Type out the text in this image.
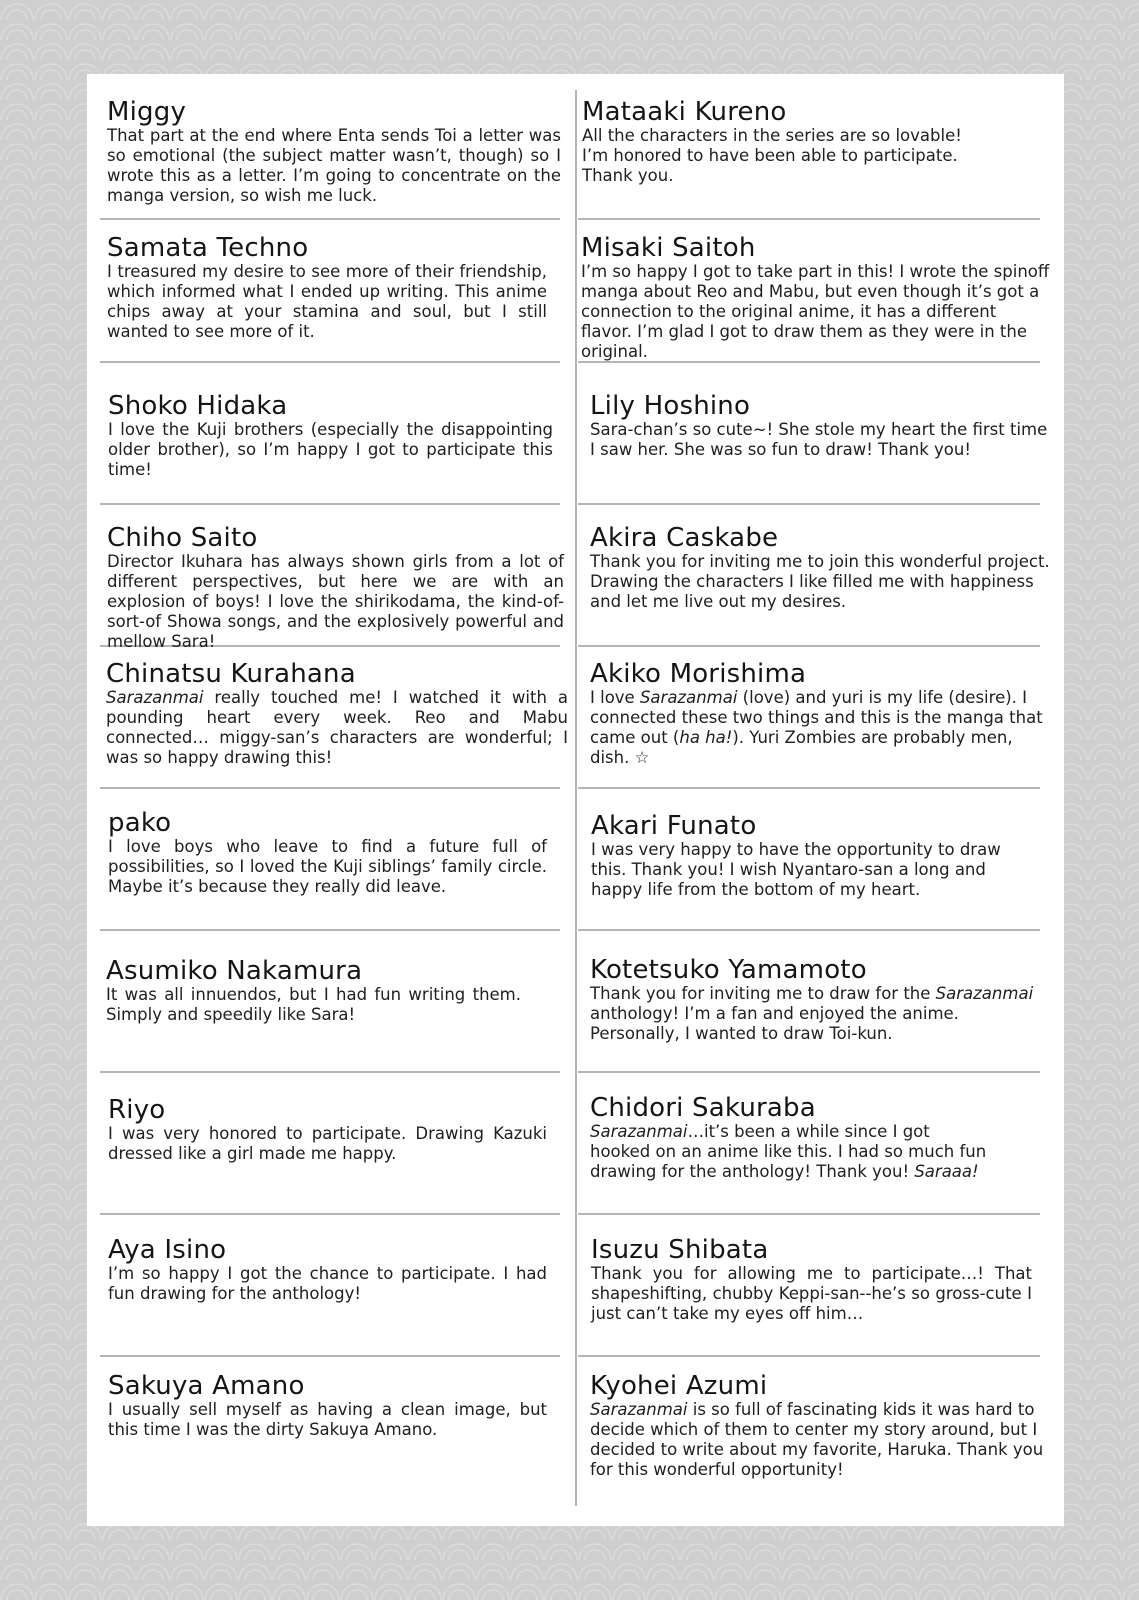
Miggy
That part at the end where Enta sends Toi a letter was so emotional (the subject matter wasn’t, though) so I wrote this as a letter. I’m going to concentrate on the manga version, so wish me luck.
Samata Techno
I treasured my desire to see more of their friendship, which informed what I ended up writing. This anime chips away at your stamina and soul, but I still wanted to see more of it.
Shoko Hidaka
I love the Kuji brothers (especially the disappointing older brother), so I’m happy I got to participate this time!
Chiho Saito
Director Ikuhara has always shown girls from a lot of different perspectives, but here we are with an explosion of boys! I love the shirikodama, the kind-of-sort-of Showa songs, and the explosively powerful and mellow Sara!
Chinatsu Kurahana
Sarazanmai really touched me! I watched it with a pounding heart every week. Reo and Mabu connected… miggy-san’s characters are wonderful; I was so happy drawing this!
pako
I love boys who leave to find a future full of possibilities, so I loved the Kuji siblings’ family circle. Maybe it’s because they really did leave.
Asumiko Nakamura
It was all innuendos, but I had fun writing them. Simply and speedily like Sara!
Riyo
I was very honored to participate. Drawing Kazuki dressed like a girl made me happy.
Aya Isino
I’m so happy I got the chance to participate. I had fun drawing for the anthology!
Sakuya Amano
I usually sell myself as having a clean image, but this time I was the dirty Sakuya Amano.
Mataaki Kureno
All the characters in the series are so lovable! I’m honored to have been able to participate. Thank you.
Misaki Saitoh
I’m so happy I got to take part in this! I wrote the spinoff manga about Reo and Mabu, but even though it’s got a connection to the original anime, it has a different flavor. I’m glad I got to draw them as they were in the original.
Lily Hoshino
Sara-chan’s so cute~! She stole my heart the first time I saw her. She was so fun to draw! Thank you!
Akira Caskabe
Thank you for inviting me to join this wonderful project. Drawing the characters I like filled me with happiness and let me live out my desires.
Akiko Morishima
I love Sarazanmai (love) and yuri is my life (desire). I connected these two things and this is the manga that came out (ha ha!). Yuri Zombies are probably men, dish. ☆
Akari Funato
I was very happy to have the opportunity to draw this. Thank you! I wish Nyantaro-san a long and happy life from the bottom of my heart.
Kotetsuko Yamamoto
Thank you for inviting me to draw for the Sarazanmai anthology! I’m a fan and enjoyed the anime. Personally, I wanted to draw Toi-kun.
Chidori Sakuraba
Sarazanmai…it’s been a while since I got hooked on an anime like this. I had so much fun drawing for the anthology! Thank you! Saraaa!
Isuzu Shibata
Thank you for allowing me to participate…! That shapeshifting, chubby Keppi-san--he’s so gross-cute I just can’t take my eyes off him…
Kyohei Azumi
Sarazanmai is so full of fascinating kids it was hard to decide which of them to center my story around, but I decided to write about my favorite, Haruka. Thank you for this wonderful opportunity!
